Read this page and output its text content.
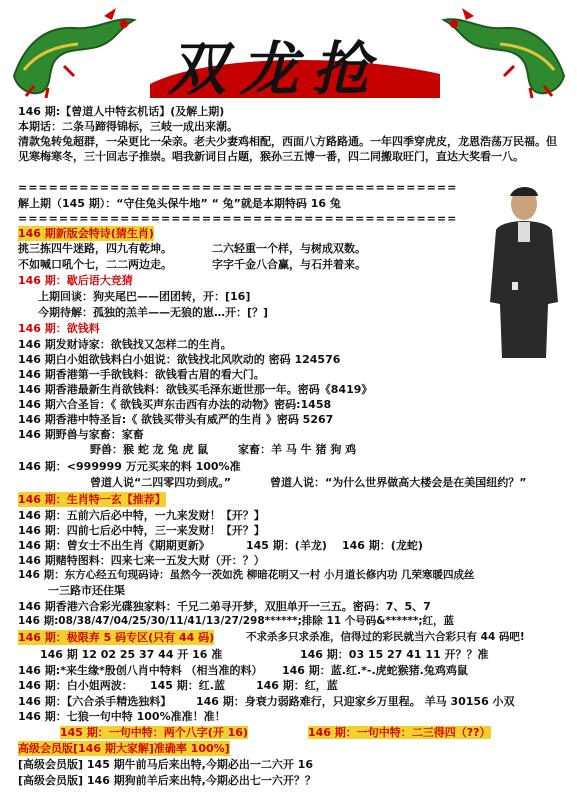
双龙抢
146 期:【曾道人中特玄机话】(及解上期)
本期话：二条马蹄得锦标，三岐一成出来潮。
清款兔转兔超群，一朵更比一朵亲。老夫少妻鸡相配，西面八方路路通。一年四季穿虎皮，龙恩浩荡万民福。但见寒梅寒冬，三十回志子推崇。唱我新词目占题，猴孙三五博一番，四二同搬取旺门，直达大奖看一八。
===========================================
解上期（145 期）：“守住兔头保牛地” “ 兔”就是本期特码 16 兔
===========================================
146 期新版会特诗(猜生肖)
挑三拣四牛迷路，四九有乾坤。	二六轻重一个样，与树成双数。
不如喊口吼个七，二二两边走。	字字千金八合赢，与石并着来。
146 期：歇后语大竞猜
上期回谈：狗夹尾巴——团团转，开：[16]
今期待解：孤独的羔羊——无狼的崽…开：[？]
146 期：欲钱料
146 期发财诗家：欲钱找又怎样二的生肖。
146 期白小姐欲钱料白小姐说：欲钱找北风吹动的 密码 124576
146 期香港第一手欲钱料：欲钱看古眉的看大门。
146 期香港最新生肖欲钱料：欲钱买毛泽东逝世那一年。密码《8419》
146 期六合圣旨：《 欲钱买声东击西有办法的动物》密码:1458
146 期香港中特圣旨:《 欲钱买带头有威严的生肖 》密码 5267
146 期野兽与家畜：家畜
野兽：猴 蛇 龙 兔 虎 鼠	家畜：羊 马 牛 猪 狗 鸡
146 期：<999999 万元买来的料 100%准
曾道人说“二四零四功到成。”	曾道人说：“为什么世界做高大楼会是在美国纽约？”
146 期：生肖特一玄【推荐】
146 期：五前六后必中特，一九来发财！【开？】
146 期：四前七后必中特，三一来发财！【开？】
146 期：曾女士不出生肖《期期更新》	145 期：(羊龙) 146 期：(龙蛇)
146 期赌特图料：四来七来一五发大财（开：？）
146 期：东方心经五句现码诗：虽然今一茨如洗 柳暗花明又一村 小月道长修内功 几荣寒暖四成丝
一三路市还住渠
146 期香港六合彩光碟独家料：千兄二弟寻开梦，双胆单开一三五。密码：7、5、7
146 期:08/38/47/04/25/30/11/41/13/27/298******;排除 11 个号码&******;红，蓝
146 期：极限弃 5 码专区(只有 44 码)	不求杀多只求杀准，信得过的彩民就当六合彩只有 44 码吧!
146 期 12 02 25 37 44 开 16 准	146 期：03 15 27 41 11 开？？准
146 期:*来生缘*殷创八肖中特料 （相当准的料） 146 期：蓝.红.*-.虎蛇猴猪.兔鸡鸡鼠
146 期：白小姐两波： 145 期：红.蓝	146 期：红，蓝
146 期：【六合杀手精选独料】 146 期：身衰力弱路难行，只迎家乡万里程。 羊马 30156 小双
146 期：七狼一句中特 100%准准！准！
145 期：一句中特：两个八字(开 16)	146 期：一句中特：二三得四（??）
高级会员版[146 期大家解]准确率 100%]
[高级会员版] 145 期牛前马后来出特,今期必出一二六开 16
[高级会员版] 146 期狗前羊后来出特,今期必出七一六开？？
